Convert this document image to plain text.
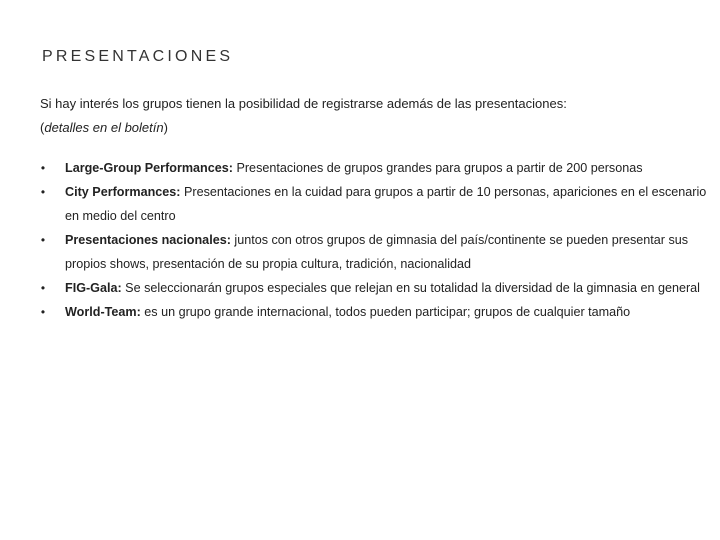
PRESENTACIONES
Si hay interés los grupos tienen la posibilidad de registrarse además de las presentaciones:
(detalles en el boletín)
• Large-Group Performances: Presentaciones de grupos grandes para grupos a partir de 200 personas
• City Performances: Presentaciones en la cuidad para grupos a partir de 10 personas, apariciones en el escenario en medio del centro
• Presentaciones nacionales: juntos con otros grupos de gimnasia del país/continente se pueden presentar sus propios shows, presentación de su propia cultura, tradición, nacionalidad
• FIG-Gala: Se seleccionarán grupos especiales que relejan en su totalidad la diversidad de la gimnasia en general
• World-Team: es un grupo grande internacional, todos pueden participar; grupos de cualquier tamaño
